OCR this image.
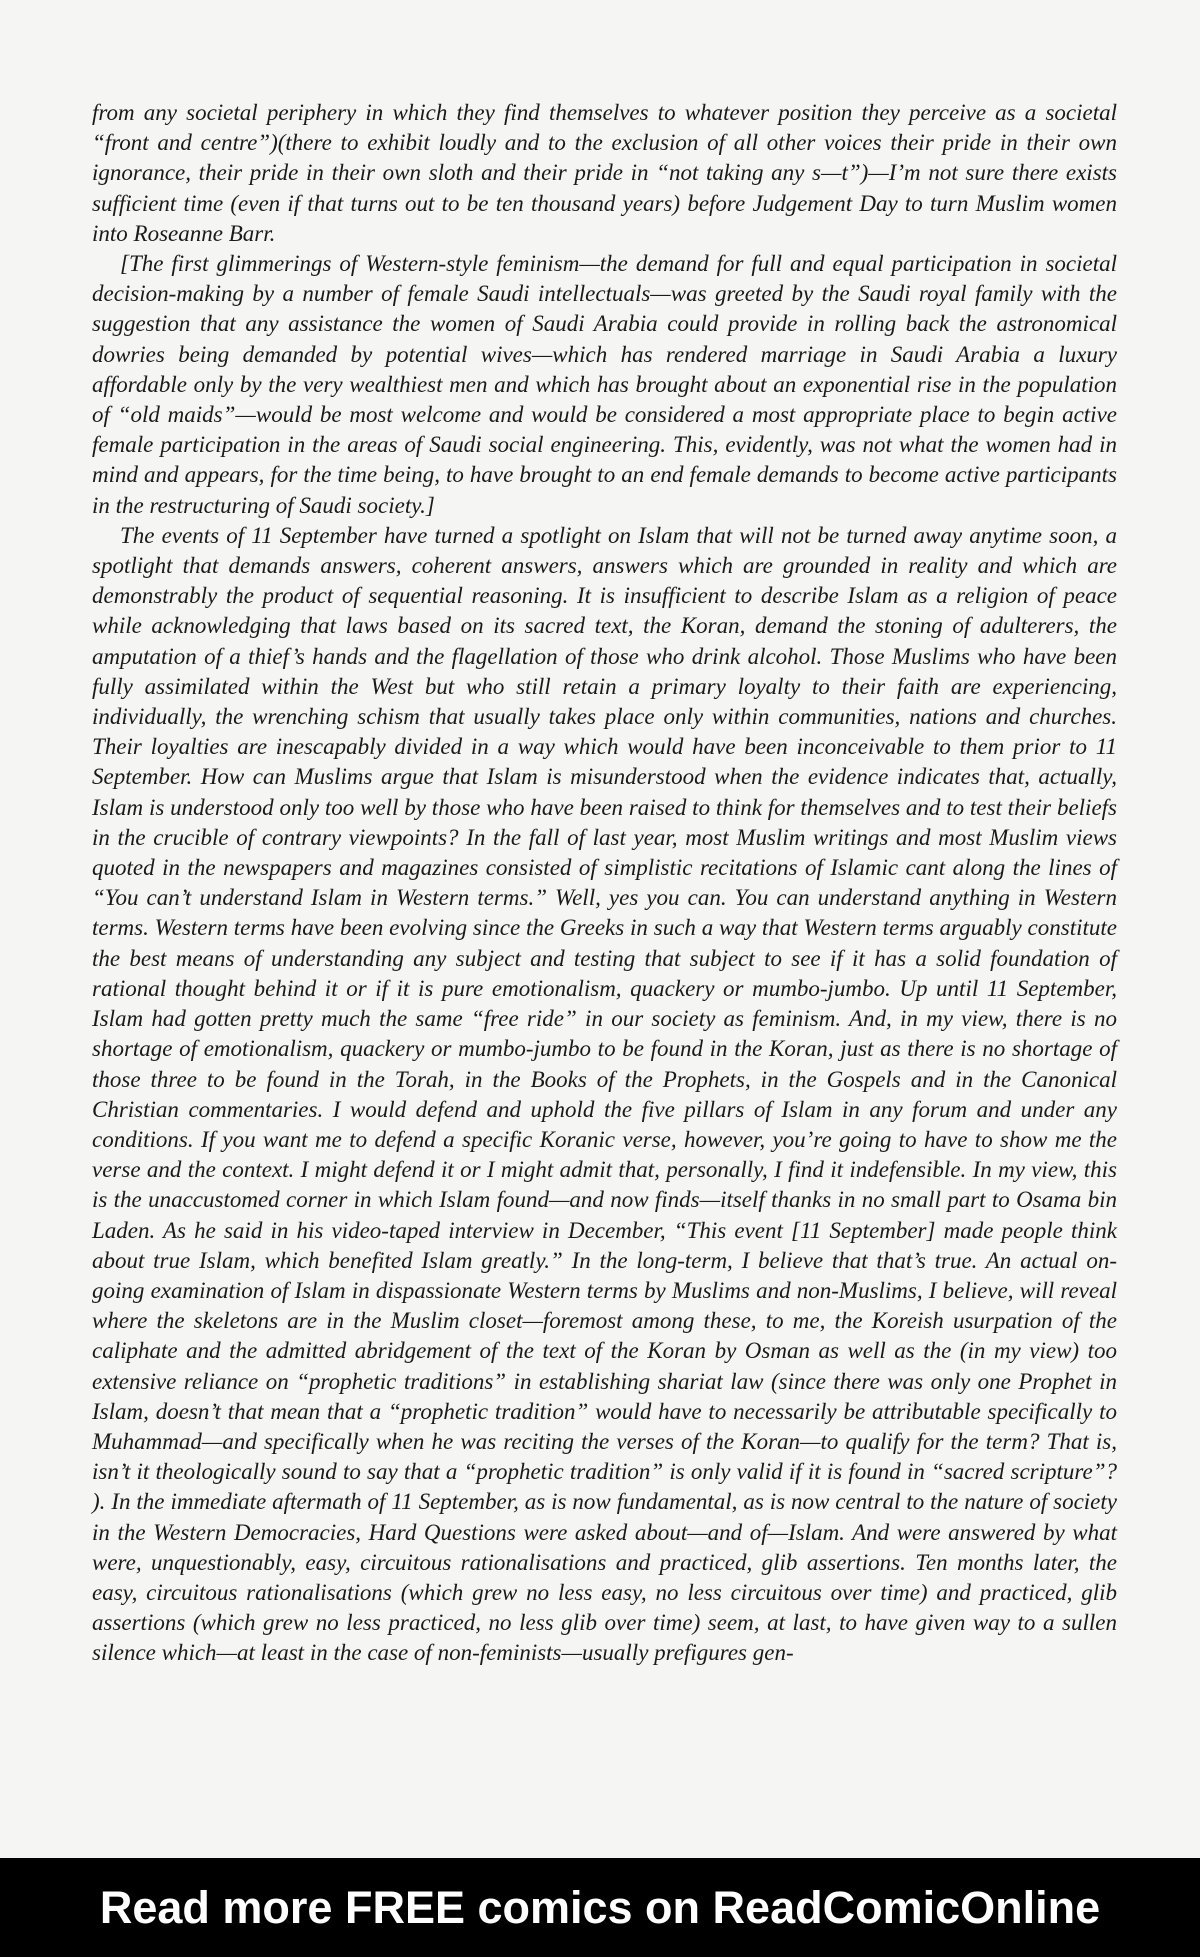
from any societal periphery in which they find themselves to whatever position they perceive as a societal “front and centre”)(there to exhibit loudly and to the exclusion of all other voices their pride in their own ignorance, their pride in their own sloth and their pride in “not taking any s—t”)—I’m not sure there exists sufficient time (even if that turns out to be ten thousand years) before Judgement Day to turn Muslim women into Roseanne Barr.

[The first glimmerings of Western-style feminism—the demand for full and equal participation in societal decision-making by a number of female Saudi intellectuals—was greeted by the Saudi royal family with the suggestion that any assistance the women of Saudi Arabia could provide in rolling back the astronomical dowries being demanded by potential wives—which has rendered marriage in Saudi Arabia a luxury affordable only by the very wealthiest men and which has brought about an exponential rise in the population of “old maids”—would be most welcome and would be considered a most appropriate place to begin active female participation in the areas of Saudi social engineering. This, evidently, was not what the women had in mind and appears, for the time being, to have brought to an end female demands to become active participants in the restructuring of Saudi society.]

The events of 11 September have turned a spotlight on Islam that will not be turned away anytime soon, a spotlight that demands answers, coherent answers, answers which are grounded in reality and which are demonstrably the product of sequential reasoning. It is insufficient to describe Islam as a religion of peace while acknowledging that laws based on its sacred text, the Koran, demand the stoning of adulterers, the amputation of a thief’s hands and the flagellation of those who drink alcohol. Those Muslims who have been fully assimilated within the West but who still retain a primary loyalty to their faith are experiencing, individually, the wrenching schism that usually takes place only within communities, nations and churches. Their loyalties are inescapably divided in a way which would have been inconceivable to them prior to 11 September. How can Muslims argue that Islam is misunderstood when the evidence indicates that, actually, Islam is understood only too well by those who have been raised to think for themselves and to test their beliefs in the crucible of contrary viewpoints? In the fall of last year, most Muslim writings and most Muslim views quoted in the newspapers and magazines consisted of simplistic recitations of Islamic cant along the lines of “You can’t understand Islam in Western terms.” Well, yes you can. You can understand anything in Western terms. Western terms have been evolving since the Greeks in such a way that Western terms arguably constitute the best means of understanding any subject and testing that subject to see if it has a solid foundation of rational thought behind it or if it is pure emotionalism, quackery or mumbo-jumbo. Up until 11 September, Islam had gotten pretty much the same “free ride” in our society as feminism. And, in my view, there is no shortage of emotionalism, quackery or mumbo-jumbo to be found in the Koran, just as there is no shortage of those three to be found in the Torah, in the Books of the Prophets, in the Gospels and in the Canonical Christian commentaries. I would defend and uphold the five pillars of Islam in any forum and under any conditions. If you want me to defend a specific Koranic verse, however, you’re going to have to show me the verse and the context. I might defend it or I might admit that, personally, I find it indefensible. In my view, this is the unaccustomed corner in which Islam found—and now finds—itself thanks in no small part to Osama bin Laden. As he said in his video-taped interview in December, “This event [11 September] made people think about true Islam, which benefited Islam greatly.” In the long-term, I believe that that’s true. An actual on-going examination of Islam in dispassionate Western terms by Muslims and non-Muslims, I believe, will reveal where the skeletons are in the Muslim closet—foremost among these, to me, the Koreish usurpation of the caliphate and the admitted abridgement of the text of the Koran by Osman as well as the (in my view) too extensive reliance on “prophetic traditions” in establishing shariat law (since there was only one Prophet in Islam, doesn’t that mean that a “prophetic tradition” would have to necessarily be attributable specifically to Muhammad—and specifically when he was reciting the verses of the Koran—to qualify for the term? That is, isn’t it theologically sound to say that a “prophetic tradition” is only valid if it is found in “sacred scripture”? ). In the immediate aftermath of 11 September, as is now fundamental, as is now central to the nature of society in the Western Democracies, Hard Questions were asked about—and of—Islam. And were answered by what were, unquestionably, easy, circuitous rationalisations and practiced, glib assertions. Ten months later, the easy, circuitous rationalisations (which grew no less easy, no less circuitous over time) and practiced, glib assertions (which grew no less practiced, no less glib over time) seem, at last, to have given way to a sullen silence which—at least in the case of non-feminists—usually prefigures gen-

Read more FREE comics on ReadComicOnline
